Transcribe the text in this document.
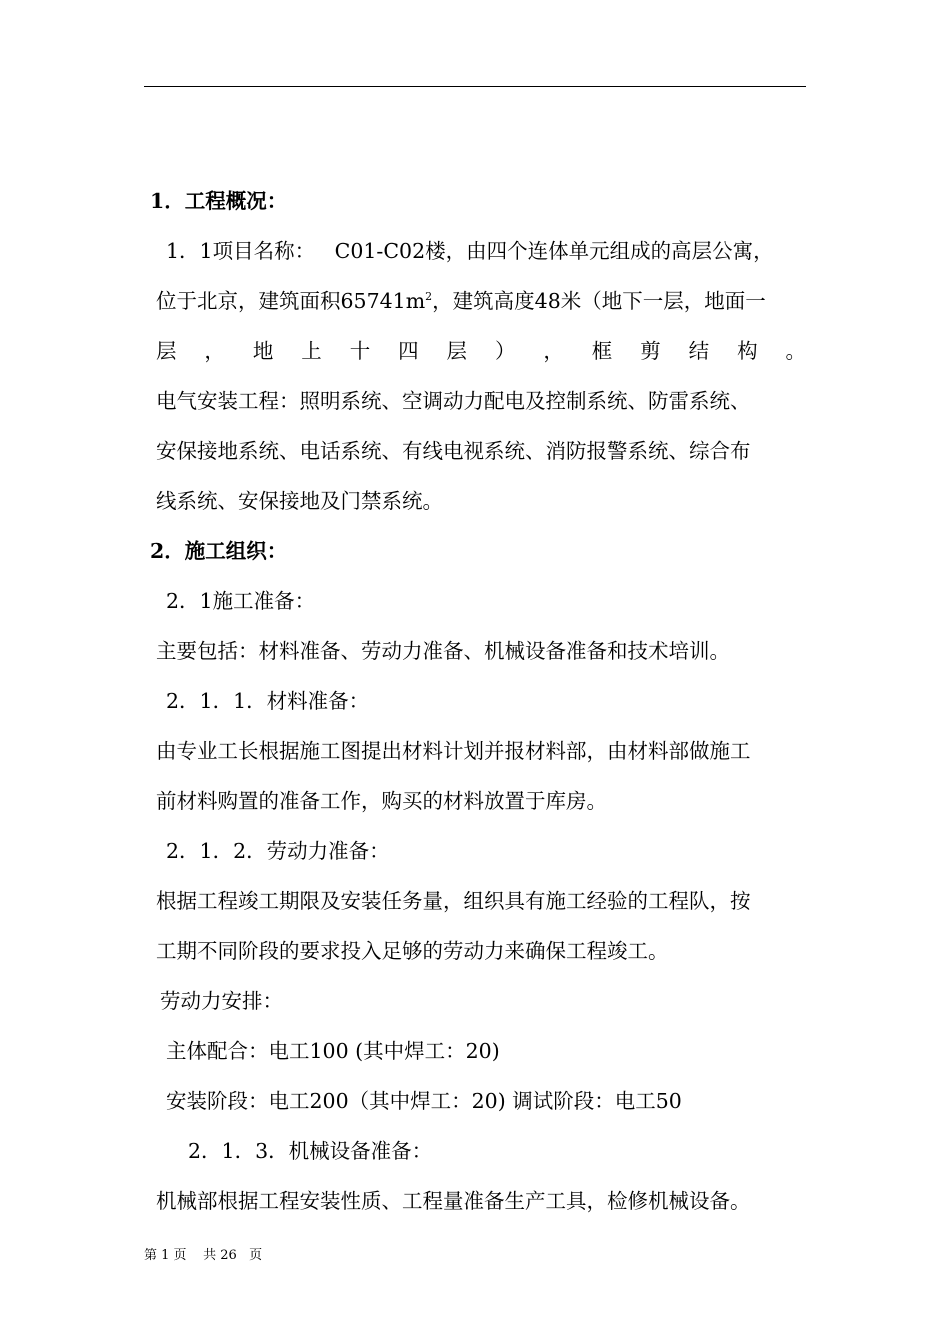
1．工程概况：
1．1项目名称： C01-C02楼，由四个连体单元组成的高层公寓，
位于北京，建筑面积$65741m^2$，建筑高度48米（地下一层，地面一
层 ， 地 上 十 四 层 ） ， 框 剪 结 构 。
电气安装工程：照明系统、空调动力配电及控制系统、防雷系统、
安保接地系统、电话系统、有线电视系统、消防报警系统、综合布
线系统、安保接地及门禁系统。
2．施工组织：
2．1施工准备：
主要包括：材料准备、劳动力准备、机械设备准备和技术培训。
2．1．1．材料准备：
由专业工长根据施工图提出材料计划并报材料部，由材料部做施工
前材料购置的准备工作，购买的材料放置于库房。
2．1．2．劳动力准备：
根据工程竣工期限及安装任务量，组织具有施工经验的工程队，按
工期不同阶段的要求投入足够的劳动力来确保工程竣工。
劳动力安排：
主体配合：电工100 (其中焊工：20)
安装阶段：电工200（其中焊工：20) 调试阶段：电工50
2．1．3．机械设备准备：
机械部根据工程安装性质、工程量准备生产工具，检修机械设备。
第 1 页    共 26   页
